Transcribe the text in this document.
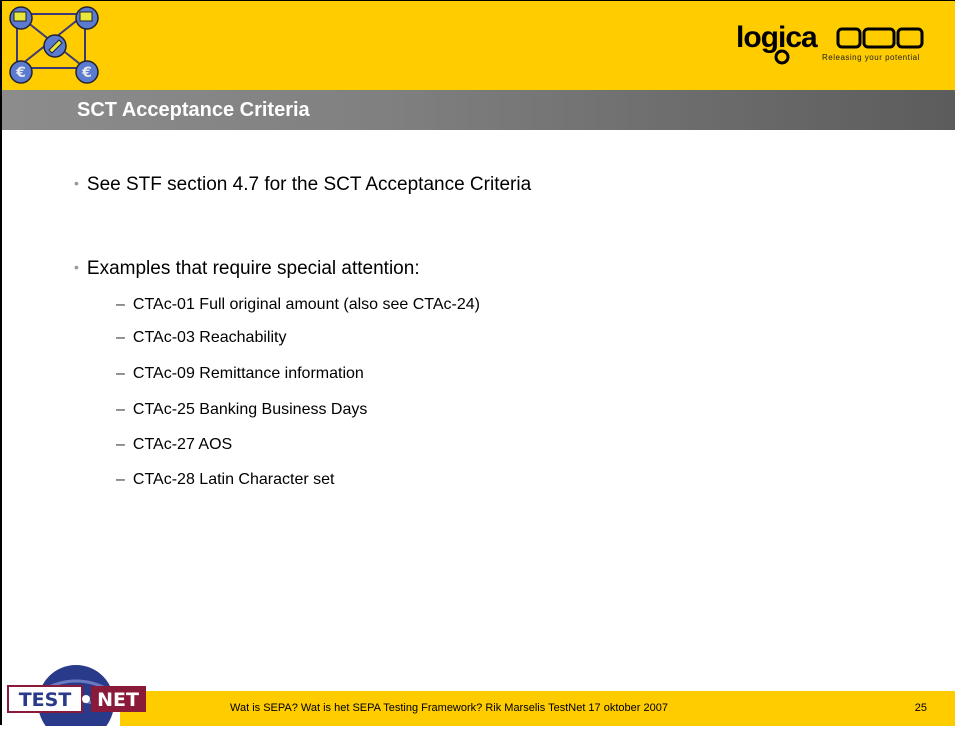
€	€
logica
Releasing your potential
SCT Acceptance Criteria
• See STF section 4.7 for the SCT Acceptance Criteria
• Examples that require special attention:
– CTAc-01 Full original amount (also see CTAc-24)
– CTAc-03 Reachability
– CTAc-09 Remittance information
– CTAc-25 Banking Business Days
– CTAc-27 AOS
– CTAc-28 Latin Character set
Wat is SEPA? Wat is het SEPA Testing Framework? Rik Marselis TestNet 17 oktober 2007	25
TEST NET
